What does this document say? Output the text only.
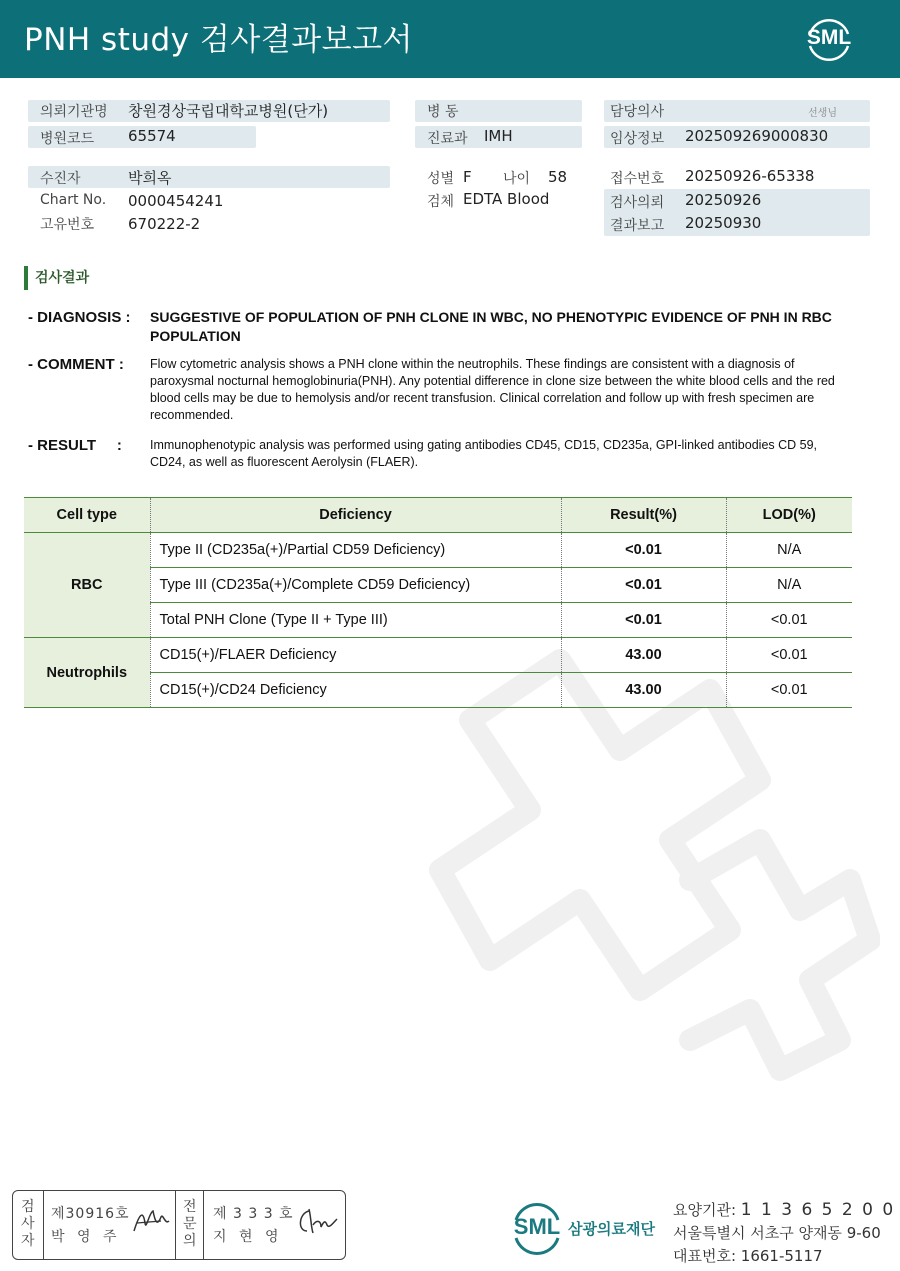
PNH study 검사결과보고서	SML
의뢰기관명 창원경상국립대학교병원(단가)
병원코드 65574
병 동
진료과 IMH
담당의사	선생님
임상정보 202509269000830
수진자	박희옥
Chart No. 0000454241
고유번호 670222-2
성별 F 나이 58
검체 EDTA Blood
접수번호 20250926-65338
검사의뢰 20250926
결과보고 20250930
검사결과
- DIAGNOSIS : SUGGESTIVE OF POPULATION OF PNH CLONE IN WBC, NO PHENOTYPIC EVIDENCE OF PNH IN RBC POPULATION
- COMMENT : Flow cytometric analysis shows a PNH clone within the neutrophils. These findings are consistent with a diagnosis of paroxysmal nocturnal hemoglobinuria(PNH). Any potential difference in clone size between the white blood cells and the red blood cells may be due to hemolysis and/or recent transfusion. Clinical correlation and follow up with fresh specimen are recommended.
- RESULT     : Immunophenotypic analysis was performed using gating antibodies CD45, CD15, CD235a, GPI-linked antibodies CD 59, CD24, as well as fluorescent Aerolysin (FLAER).
Cell type	Deficiency	Result(%)	LOD(%)
RBC	Type II (CD235a(+)/Partial CD59 Deficiency)	<0.01	N/A
	Type III (CD235a(+)/Complete CD59 Deficiency)	<0.01	N/A
	Total PNH Clone (Type II + Type III)	<0.01	<0.01
Neutrophils	CD15(+)/FLAER Deficiency	43.00	<0.01
	CD15(+)/CD24 Deficiency	43.00	<0.01
검사자
제30916호
박 영 주
전문의
제 3 3 3 호
지 현 영	SML 삼광의료재단
요양기관: 1 1 3 6 5 2 0 0
서울특별시 서초구 양재동 9-60
대표번호: 1661-5117
